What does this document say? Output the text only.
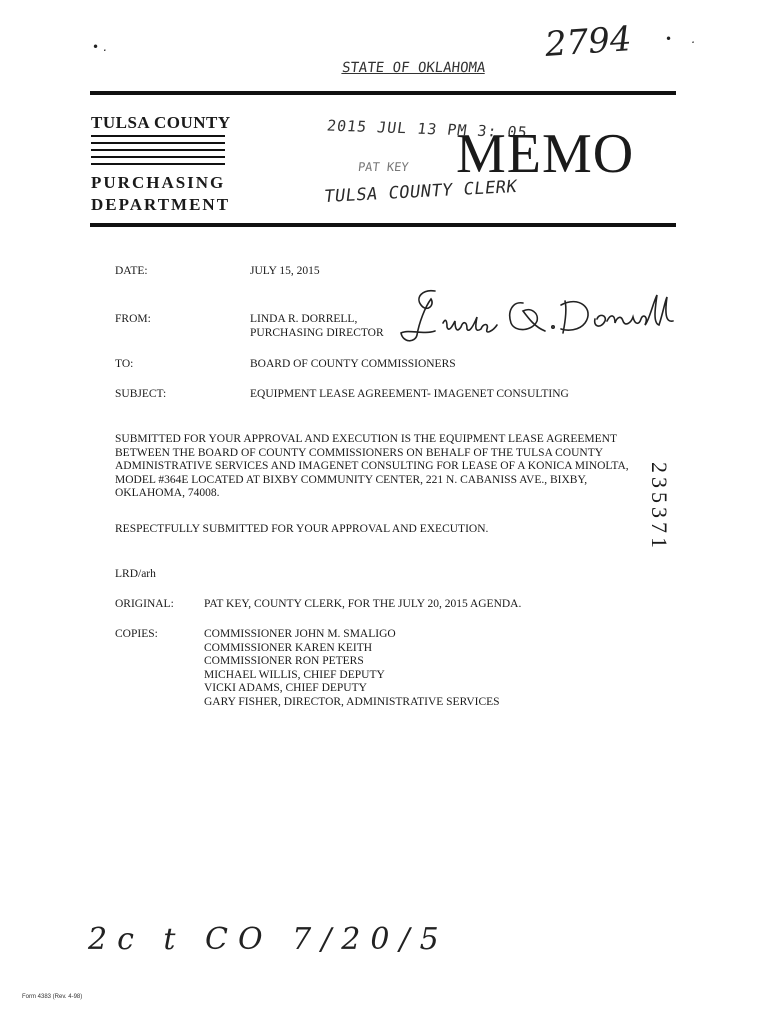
• .	2794	•     .
STATE OF OKLAHOMA
2015 JUL 13 PM 3: 05
PAT KEY
TULSA COUNTY CLERK
TULSA COUNTY
PURCHASING
DEPARTMENT
MEMO
DATE:	JULY 15, 2015
FROM:	LINDA R. DORRELL,
PURCHASING DIRECTOR
TO:	BOARD OF COUNTY COMMISSIONERS
SUBJECT:	EQUIPMENT LEASE AGREEMENT- IMAGENET CONSULTING
SUBMITTED FOR YOUR APPROVAL AND EXECUTION IS THE EQUIPMENT LEASE AGREEMENT BETWEEN THE BOARD OF COUNTY COMMISSIONERS ON BEHALF OF THE TULSA COUNTY ADMINISTRATIVE SERVICES AND IMAGENET CONSULTING FOR LEASE OF A KONICA MINOLTA, MODEL #364E LOCATED AT BIXBY COMMUNITY CENTER, 221 N. CABANISS AVE., BIXBY, OKLAHOMA, 74008.
RESPECTFULLY SUBMITTED FOR YOUR APPROVAL AND EXECUTION.
LRD/arh
ORIGINAL:	PAT KEY, COUNTY CLERK, FOR THE JULY 20, 2015 AGENDA.
COPIES:	COMMISSIONER JOHN M. SMALIGO
COMMISSIONER KAREN KEITH
COMMISSIONER RON PETERS
MICHAEL WILLIS, CHIEF DEPUTY
VICKI ADAMS, CHIEF DEPUTY
GARY FISHER, DIRECTOR, ADMINISTRATIVE SERVICES
235371
2c t CO 7/20/5
Form 4383 (Rev. 4-98)
